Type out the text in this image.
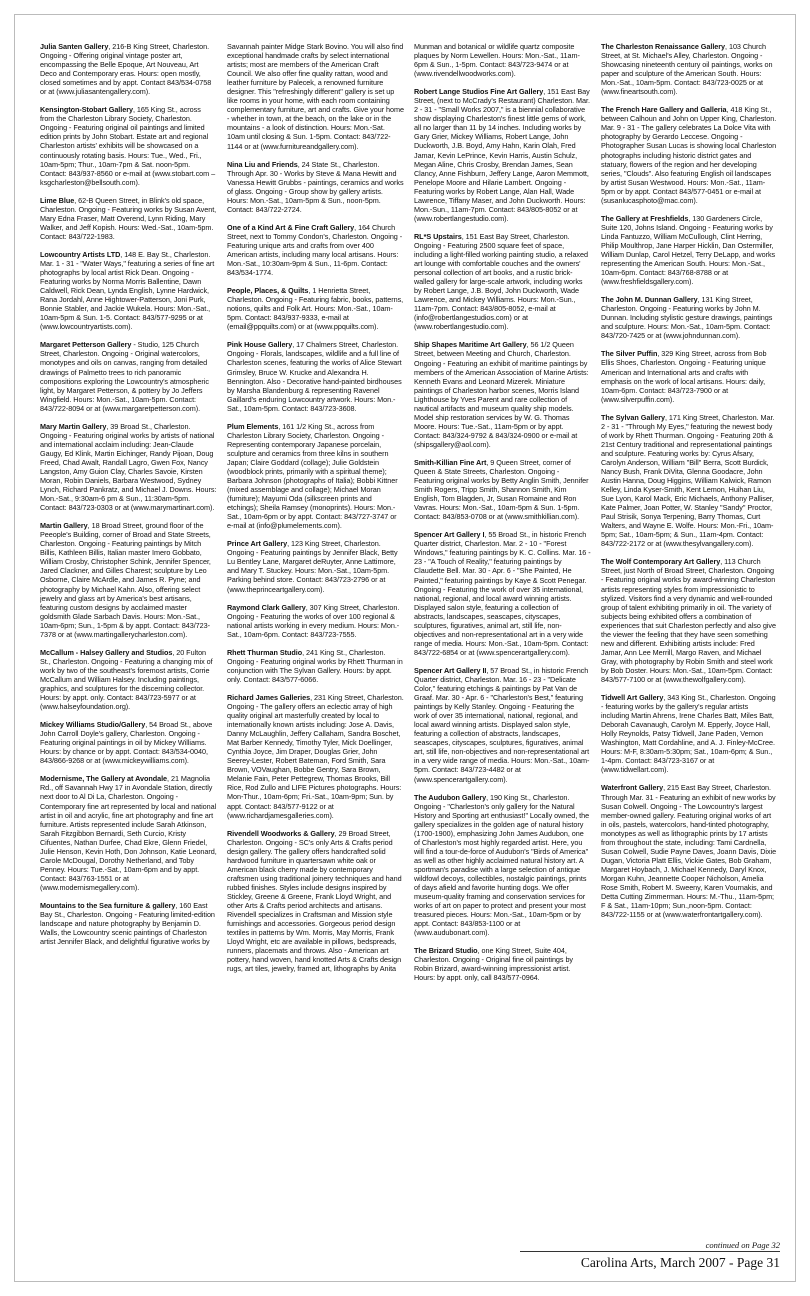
Julia Santen Gallery, 216-B King Street, Charleston. Ongoing - Offering original vintage poster art, encompassing the Belle Epoque, Art Nouveau, Art Deco and Contemporary eras. Hours: open mostly, closed sometimes and by appt. Contact 843/534-0758 or at (www.juliasantengallery.com).

Kensington-Stobart Gallery, 165 King St., across from the Charleston Library Society, Charleston. Ongoing - Featuring original oil paintings and limited edition prints by John Stobart. Estate art and regional Charleston artists' exhibits will be showcased on a continuously rotating basis. Hours: Tue., Wed., Fri., 10am-5pm; Thur., 10am-7pm & Sat. noon-5pm. Contact: 843/937-8560 or e-mail at (www.stobart.com – ksgcharleston@bellsouth.com).

Lime Blue, 62-B Queen Street, in Blink's old space, Charleston. Ongoing - Featuring works by Susan Avent, Mary Edna Fraser, Matt Overend, Lynn Riding, Mary Walker, and Jeff Kopish. Hours: Wed.-Sat., 10am-5pm. Contact: 843/722-1983.

Lowcountry Artists LTD, 148 E. Bay St., Charleston. Mar. 1 - 31 - "Water Ways," featuring a series of fine art photographs by local artist Rick Dean. Ongoing - Featuring works by Norma Morris Ballentine, Dawn Caldwell, Rick Dean, Lynda English, Lynne Hardwick, Rana Jordahl, Anne Hightower-Patterson, Joni Purk, Bonnie Stabler, and Jackie Wukela. Hours: Mon.-Sat., 10am-5pm & Sun. 1-5. Contact: 843/577-9295 or at (www.lowcountryartists.com).

Margaret Petterson Gallery - Studio, 125 Church Street, Charleston. Ongoing - Original watercolors, monotypes and oils on canvas, ranging from detailed drawings of Palmetto trees to rich panoramic compositions exploring the Lowcountry's atmospheric light, by Margaret Petterson, & pottery by Jo Jeffers Wingfield. Hours: Mon.-Sat., 10am-5pm. Contact: 843/722-8094 or at (www.margaretpetterson.com).

Mary Martin Gallery, 39 Broad St., Charleston. Ongoing - Featuring original works by artists of national and international acclaim including: Jean-Claude Gaugy, Ed Klink, Martin Eichinger, Randy Pijoan, Doug Freed, Chad Awalt, Randall Lagro, Gwen Fox, Nancy Langston, Amy Guion Clay, Charles Savoie, Kirsten Moran, Robin Daniels, Barbara Westwood, Sydney Lynch, Richard Pankratz, and Michael J. Downs. Hours: Mon.-Sat., 9:30am-6 pm & Sun., 11:30am-5pm. Contact: 843/723-0303 or at (www.marymartinart.com).

Martin Gallery, 18 Broad Street, ground floor of the Peeople's Building, corner of Broad and State Streets, Charleston. Ongoing - Featuring paintings by Mitch Billis, Kathleen Billis, Italian master Imero Gobbato, William Crosby, Christopher Schink, Jennifer Spencer, Jared Clackner, and Gilles Charest; sculpture by Leo Osborne, Claire McArdle, and James R. Pyne; and photography by Michael Kahn. Also, offering select jewelry and glass art by America's best artisans, featuring custom designs by acclaimed master goldsmith Glade Sarbach Davis. Hours: Mon.-Sat., 10am-6pm; Sun., 1-5pm & by appt. Contact: 843/723-7378 or at (www.martingallerycharleston.com).

McCallum - Halsey Gallery and Studios, 20 Fulton St., Charleston. Ongoing - Featuring a changing mix of work by two of the southeast's foremost artists, Corrie McCallum and William Halsey. Including paintings, graphics, and sculptures for the discerning collector. Hours: by appt. only. Contact: 843/723-5977 or at (www.halseyfoundation.org).

Mickey Williams Studio/Gallery, 54 Broad St., above John Carroll Doyle's gallery, Charleston. Ongoing - Featuring original paintings in oil by Mickey Williams. Hours: by chance or by appt. Contact: 843/534-0040, 843/866-9268 or at (www.mickeywilliams.com).

Modernisme, The Gallery at Avondale, 21 Magnolia Rd., off Savannah Hwy 17 in Avondale Station, directly next door to Al Di La, Charleston. Ongoing - Contemporary fine art represented by local and national artist in oil and acrylic, fine art photography and fine art furniture. Artists represented include Sarah Atkinson, Sarah Fitzgibbon Bernardi, Seth Curcio, Kristy Cifuentes, Nathan Durfee, Chad Ekre, Glenn Friedel, Julie Henson, Kevin Hoth, Don Johnson, Katie Leonard, Carole McDougal, Dorothy Netherland, and Toby Penney. Hours: Tue.-Sat., 10am-6pm and by appt. Contact: 843/763-1551 or at (www.modernismegallery.com).

Mountains to the Sea furniture & gallery, 160 East Bay St., Charleston. Ongoing - Featuring limited-edition landscape and nature photography by Benjamin D. Walls, the Lowcountry scenic paintings of Charleston artist Jennifer Black, and delightful figurative works by

Savannah painter Midge Stark Bovino. You will also find exceptional handmade crafts by select international artists; most are members of the American Craft Council. We also offer fine quality rattan, wood and leather furniture by Palecek, a renowned furniture designer. This "refreshingly different" gallery is set up like rooms in your home, with each room containing complementary furniture, art and crafts. Give your home - whether in town, at the beach, on the lake or in the mountains - a look of distinction. Hours: Mon.-Sat. 10am until closing & Sun. 1-5pm. Contact: 843/722-1144 or at (www.furnitureandgallery.com).

Nina Liu and Friends, 24 State St., Charleston. Through Apr. 30 - Works by Steve & Mana Hewitt and Vanessa Hewitt Grubbs - paintings, ceramics and works of glass. Ongoing - Group show by gallery artists. Hours: Mon.-Sat., 10am-5pm & Sun., noon-5pm. Contact: 843/722-2724.

One of a Kind Art & Fine Craft Gallery, 164 Church Street, next to Tommy Condon's, Charleston. Ongoing - Featuring unique arts and crafts from over 400 American artists, including many local artisans. Hours: Mon.-Sat., 10:30am-9pm & Sun., 11-6pm. Contact: 843/534-1774.

People, Places, & Quilts, 1 Henrietta Street, Charleston. Ongoing - Featuring fabric, books, patterns, notions, quilts and Folk Art. Hours: Mon.-Sat., 10am-5pm. Contact: 843/937-9333, e-mail at (email@ppquilts.com) or at (www.ppquilts.com).

Pink House Gallery, 17 Chalmers Street, Charleston. Ongoing - Florals, landscapes, wildlife and a full line of Charleston scenes, featuring the works of Alice Stewart Grimsley, Bruce W. Krucke and Alexandra H. Bennington. Also - Decorative hand-painted birdhouses by Marsha Blandenburg & representing Ravenel Gaillard's enduring Lowcountry artwork. Hours: Mon.-Sat., 10am-5pm. Contact: 843/723-3608.

Plum Elements, 161 1/2 King St., across from Charleston Library Society, Charleston. Ongoing - Representing contemporary Japanese porcelain, sculpture and ceramics from three kilns in southern Japan; Claire Goddard (collage); Julie Goldstein (woodblock prints, primarily with a spiritual theme); Barbara Johnson (photographs of Italia); Bobbi Kittner (mixed assemblage and collage); Michael Moran (furniture); Mayumi Oda (silkscreen prints and etchings); Sheila Ramsey (monoprints). Hours: Mon.-Sat., 10am-6pm or by appt. Contact: 843/727-3747 or e-mail at (info@plumelements.com).

Prince Art Gallery, 123 King Street, Charleston. Ongoing - Featuring paintings by Jennifer Black, Betty Lu Bentley Lane, Margaret deRuyter, Anne Lattimore, and Mary T. Stuckey. Hours: Mon.-Sat., 10am-5pm. Parking behind store. Contact: 843/723-2796 or at (www.theprinceartgallery.com).

Raymond Clark Gallery, 307 King Street, Charleston. Ongoing - Featuring the works of over 100 regional & national artists working in every medium. Hours: Mon.-Sat., 10am-6pm. Contact: 843/723-7555.

Rhett Thurman Studio, 241 King St., Charleston. Ongoing - Featuring original works by Rhett Thurman in conjunction with The Sylvan Gallery. Hours: by appt. only. Contact: 843/577-6066.

Richard James Galleries, 231 King Street, Charleston. Ongoing - The gallery offers an eclectic array of high quality original art masterfully created by local to internationally known artists including: Jose A. Davis, Danny McLaughlin, Jeffery Callaham, Sandra Boschet, Mat Barber Kennedy, Timothy Tyler, Mick Doellinger, Cynthia Joyce, Jim Draper, Douglas Grier, John Seerey-Lester, Robert Bateman, Ford Smith, Sara Brown, VOVaughan, Bobbe Gentry, Sara Brown, Melanie Fain, Peter Pettegrew, Thomas Brooks, Bill Rice, Rod Zullo and LIFE Pictures photographs. Hours: Mon-Thur., 10am-6pm; Fri.-Sat., 10am-9pm; Sun. by appt. Contact: 843/577-9122 or at (www.richardjamesgalleries.com).

Rivendell Woodworks & Gallery, 29 Broad Street, Charleston. Ongoing - SC's only Arts & Crafts period design gallery. The gallery offers handcrafted solid hardwood furniture in quartersawn white oak or American black cherry made by contemporary craftsmen using traditional joinery techniques and hand rubbed finishes. Styles include designs inspired by Stickley, Greene & Greene, Frank Lloyd Wright, and other Arts & Crafts period architects and artisans. Rivendell specializes in Craftsman and Mission style furnishings and accessories. Gorgeous period design textiles in patterns by Wm. Morris, May Morris, Frank Lloyd Wright, etc are available in pillows, bedspreads, runners, placemats and throws. Also - American art pottery, hand woven, hand knotted Arts & Crafts design rugs, art tiles, jewelry, framed art, lithographs by Anita

Munman and botanical or wildlife quartz composite plaques by Norm Lewellen. Hours: Mon.-Sat., 11am-6pm & Sun., 1-5pm. Contact: 843/723-9474 or at (www.rivendellwoodworks.com).

Robert Lange Studios Fine Art Gallery, 151 East Bay Street, (next to McCrady's Restaurant) Charleston. Mar. 2 - 31 - "Small Works 2007," is a biennial collaborative show displaying Charleston's finest little gems of work, all no larger than 11 by 14 inches. Including works by Gary Grier, Mickey Williams, Robert Lange, John Duckworth, J.B. Boyd, Amy Hahn, Karin Olah, Fred Jamar, Kevin LePrince, Kevin Harris, Austin Schulz, Megan Aline, Chris Crosby, Brendan James, Sean Clancy, Anne Fishburn, Jeffery Lange, Aaron Memmott, Penelope Moore and Hilarie Lambert. Ongoing - Featuring works by Robert Lange, Alan Hall, Wade Lawrence, Tiffany Maser, and John Duckworth. Hours: Mon.-Sun., 11am-7pm. Contact: 843/805-8052 or at (www.robertlangestudio.com).

RL*S Upstairs, 151 East Bay Street, Charleston. Ongoing - Featuring 2500 square feet of space, including a light-filled working painting studio, a relaxed art lounge with comfortable couches and the owners' personal collection of art books, and a rustic brick-walled gallery for large-scale artwork, including works by Robert Lange, J.B. Boyd, John Duckworth, Wade Lawrence, and Mickey Williams. Hours: Mon.-Sun., 11am-7pm. Contact: 843/805-8052, e-mail at (info@robertlangestudios.com) or at (www.robertlangestudio.com).

Ship Shapes Maritime Art Gallery, 56 1/2 Queen Street, between Meeting and Church, Charleston. Ongoing - Featuring an exhibit of maritime paintings by members of the American Association of Marine Artists: Kenneth Evans and Leonard Mizerek. Miniature paintings of Charleston harbor scenes, Morris Island Lighthouse by Yves Parent and rare collection of nautical artifacts and museum quality ship models. Model ship restoration services by W. G. Thomas Moore. Hours: Tue.-Sat., 11am-5pm or by appt. Contact: 843/324-9792 & 843/324-0900 or e-mail at (shipsgallery@aol.com).

Smith-Killian Fine Art, 9 Queen Street, corner of Queen & State Streets, Charleston. Ongoing - Featuring original works by Betty Anglin Smith, Jennifer Smith Rogers, Tripp Smith, Shannon Smith, Kim English, Tom Blagden, Jr, Susan Romaine and Ron Vavras. Hours: Mon.-Sat., 10am-5pm & Sun. 1-5pm. Contact: 843/853-0708 or at (www.smithkillian.com).

Spencer Art Gallery I, 55 Broad St., in historic French Quarter district, Charleston. Mar. 2 - 10 - "Forest Windows," featuring paintings by K. C. Collins. Mar. 16 - 23 - "A Touch of Reality," featuring paintings by Claudette Bell. Mar. 30 - Apr. 6 - "She Painted, He Painted," featuring paintings by Kaye & Scott Penegar. Ongoing - Featuring the work of over 35 international, national, regional, and local award winning artists. Displayed salon style, featuring a collection of abstracts, landscapes, seascapes, cityscapes, sculptures, figuratives, animal art, still life, non-objectives and non-representational art in a very wide range of media. Hours: Mon.-Sat., 10am-5pm. Contact: 843/722-6854 or at (www.spencerartgallery.com).

Spencer Art Gallery II, 57 Broad St., in historic French Quarter district, Charleston. Mar. 16 - 23 - "Delicate Color," featuring etchings & paintings by Pat Van de Graaf. Mar. 30 - Apr. 6 - "Charleston's Best," featuring paintings by Kelly Stanley. Ongoing - Featuring the work of over 35 international, national, regional, and local award winning artists. Displayed salon style, featuring a collection of abstracts, landscapes, seascapes, cityscapes, sculptures, figuratives, animal art, still life, non-objectives and non-representational art in a very wide range of media. Hours: Mon.-Sat., 10am-5pm. Contact: 843/723-4482 or at (www.spencerartgallery.com).

The Audubon Gallery, 190 King St., Charleston. Ongoing - "Charleston's only gallery for the Natural History and Sporting art enthusiast!" Locally owned, the gallery specializes in the golden age of natural history (1700-1900), emphasizing John James Audubon, one of Charleston's most highly regarded artist. Here, you will find a tour-de-force of Audubon's "Birds of America" as well as other highly acclaimed natural history art. A sportman's paradise with a large selection of antique wildfowl decoys, collectibles, nostalgic paintings, prints of days afield and favorite hunting dogs. We offer museum-quality framing and conservation services for works of art on paper to protect and present your most treasured pieces. Hours: Mon.-Sat., 10am-5pm or by appt. Contact: 843/853-1100 or at (www.audubonart.com).

The Brizard Studio, one King Street, Suite 404, Charleston. Ongoing - Original fine oil paintings by Robin Brizard, award-winning impressionist artist. Hours: by appt. only, call 843/577-0964.

The Charleston Renaissance Gallery, 103 Church Street, at St. Michael's Alley, Charleston. Ongoing - Showcasing nineteenth century oil paintings, works on paper and sculpture of the American South. Hours: Mon.-Sat., 10am-5pm. Contact: 843/723-0025 or at (www.fineartsouth.com).

The French Hare Gallery and Galleria, 418 King St., between Calhoun and John on Upper King, Charleston. Mar. 9 - 31 - The gallery celebrates La Dolce Vita with photography by Gerardo Leccese. Ongoing - Photographer Susan Lucas is showing local Charleston photographs including historic district gates and statuary, flowers of the region and her developing series, "Clouds". Also featuring English oil landscapes by artist Susan Westwood. Hours: Mon.-Sat., 11am-5pm or by appt. Contact 843/577-0451 or e-mail at (susanlucasphoto@mac.com).

The Gallery at Freshfields, 130 Gardeners Circle, Suite 120, Johns Island. Ongoing - Featuring works by Linda Fantuzzo, William McCullough, Clint Herring, Philip Moulthrop, Jane Harper Hicklin, Dan Ostermiller, William Dunlap, Carol Hetzel, Terry DeLapp, and works representing the American South. Hours: Mon.-Sat., 10am-6pm. Contact: 843/768-8788 or at (www.freshfieldsgallery.com).

The John M. Dunnan Gallery, 131 King Street, Charleston. Ongoing - Featuring works by John M. Dunnan. Including stylistic gesture drawings, paintings and sculpture. Hours: Mon.-Sat., 10am-5pm. Contact: 843/720-7425 or at (www.johndunnan.com).

The Silver Puffin, 329 King Street, across from Bob Ellis Shoes, Charleston. Ongoing - Featuring unique American and International arts and crafts with emphasis on the work of local artisans. Hours: daily, 10am-6pm. Contact: 843/723-7900 or at (www.silverpuffin.com).

The Sylvan Gallery, 171 King Street, Charleston. Mar. 2 - 31 - "Through My Eyes," featuring the newest body of work by Rhett Thurman. Ongoing - Featuring 20th & 21st Century traditional and representational paintings and sculpture. Featuring works by: Cyrus Afsary, Carolyn Anderson, William "Bill" Berra, Scott Burdick, Nancy Bush, Frank DiVita, Glenna Goodacre, John Austin Hanna, Doug Higgins, William Kalwick, Ramon Kelley, Linda Kyser-Smith, Kent Lemon, Huihan Liu, Sue Lyon, Karol Mack, Eric Michaels, Anthony Palliser, Kate Palmer, Joan Potter, W. Stanley "Sandy" Proctor, Paul Strisik, Sonya Terpening, Barry Thomas, Curt Walters, and Wayne E. Wolfe. Hours: Mon.-Fri., 10am-5pm; Sat., 10am-5pm; & Sun., 11am-4pm. Contact: 843/722-2172 or at (www.thesylvangallery.com).

The Wolf Contemporary Art Gallery, 113 Church Street, just North of Broad Street, Charleston. Ongoing - Featuring original works by award-winning Charleston artists representing styles from impressionistic to stylized. Visitors find a very dynamic and well-rounded group of talent exhibiting primarily in oil. The variety of subjects being exhibited offers a combination of experiences that suit Charleston perfectly and also give the viewer the feeling that they have seen something new and different. Exhibiting artists include: Fred Jamar, Ann Lee Merrill, Margo Raven, and Michael Gray, with photography by Robin Smith and steel work by Bob Doster. Hours: Mon.-Sat., 10am-5pm. Contact: 843/577-7100 or at (www.thewolfgallery.com).

Tidwell Art Gallery, 343 King St., Charleston. Ongoing - featuring works by the gallery's regular artists including Martin Ahrens, Irene Charles Batt, Miles Batt, Deborah Cavanaugh, Carolyn M. Epperly, Joyce Hall, Holly Reynolds, Patsy Tidwell, Jane Paden, Vernon Washington, Matt Cordahline, and A. J. Finley-McCree. Hours: M-F, 8:30am-5:30pm; Sat., 10am-6pm; & Sun., 1-4pm. Contact: 843/723-3167 or at (www.tidwellart.com).

Waterfront Gallery, 215 East Bay Street, Charleston. Through Mar. 31 - Featuring an exhibit of new works by Susan Colwell. Ongoing - The Lowcountry's largest member-owned gallery. Featuring original works of art in oils, pastels, watercolors, hand-tinted photography, monotypes as well as lithographic prints by 17 artists from throughout the state, including: Tami Cardnella, Susan Colwell, Sudie Payne Daves, Joann Davis, Dixie Dugan, Victoria Platt Ellis, Vickie Gates, Bob Graham, Margaret Hoybach, J. Michael Kennedy, Daryl Knox, Morgan Kuhn, Jeannette Cooper Nicholson, Amelia Rose Smith, Robert M. Sweeny, Karen Vournakis, and Detta Cutting Zimmerman. Hours: M.-Thu., 11am-5pm; F & Sat., 11am-10pm; Sun.,noon-5pm. Contact: 843/722-1155 or at (www.waterfrontartgallery.com).

continued on Page 32
Carolina Arts, March 2007 - Page 31
